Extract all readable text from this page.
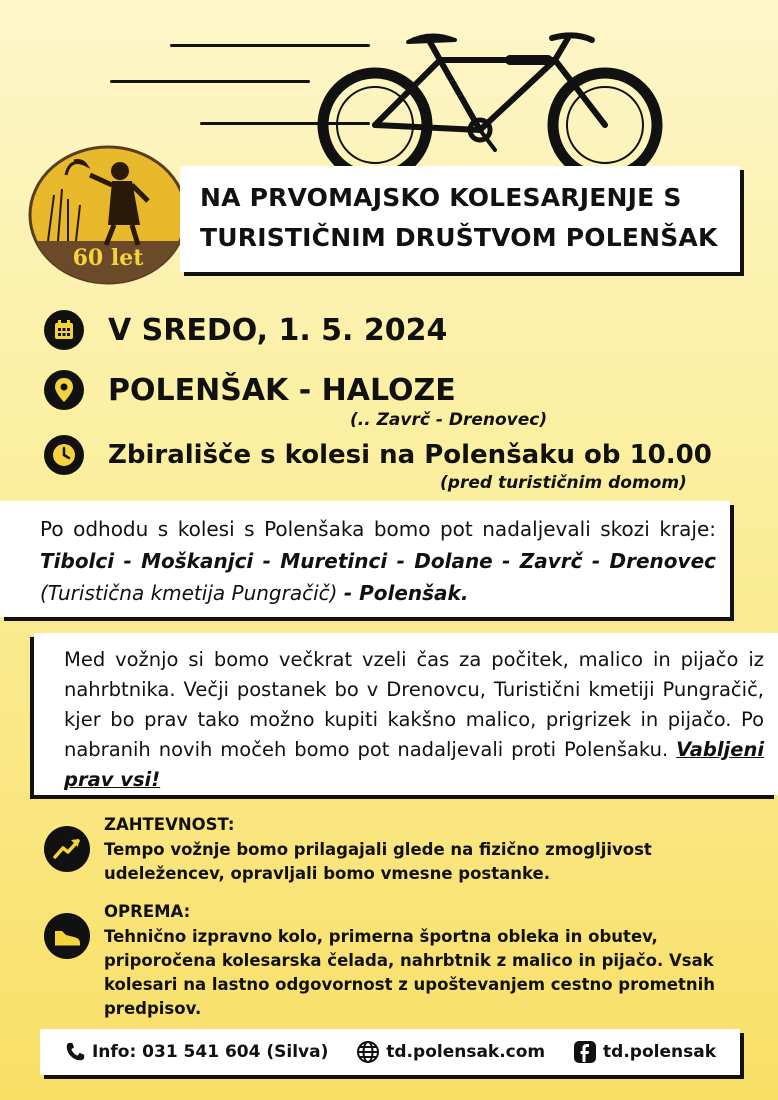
60 let
NA PRVOMAJSKO KOLESARJENJE S
TURISTIČNIM DRUŠTVOM POLENŠAK
V SREDO, 1. 5. 2024
POLENŠAK - HALOZE
(.. Zavrč - Drenovec)
Zbirališče s kolesi na Polenšaku ob 10.00
(pred turističnim domom)
Po odhodu s kolesi s Polenšaka bomo pot nadaljevali skozi kraje: Tibolci - Moškanjci - Muretinci - Dolane - Zavrč - Drenovec (Turistična kmetija Pungračič) - Polenšak.
Med vožnjo si bomo večkrat vzeli čas za počitek, malico in pijačo iz nahrbtnika. Večji postanek bo v Drenovcu, Turistični kmetiji Pungračič, kjer bo prav tako možno kupiti kakšno malico, prigrizek in pijačo. Po nabranih novih močeh bomo pot nadaljevali proti Polenšaku. Vabljeni prav vsi!
ZAHTEVNOST:
Tempo vožnje bomo prilagajali glede na fizično zmogljivost udeležencev, opravljali bomo vmesne postanke.
OPREMA:
Tehnično izpravno kolo, primerna športna obleka in obutev, priporočena kolesarska čelada, nahrbtnik z malico in pijačo. Vsak kolesari na lastno odgovornost z upoštevanjem cestno prometnih predpisov.
Info: 031 541 604 (Silva)	td.polensak.com	td.polensak
